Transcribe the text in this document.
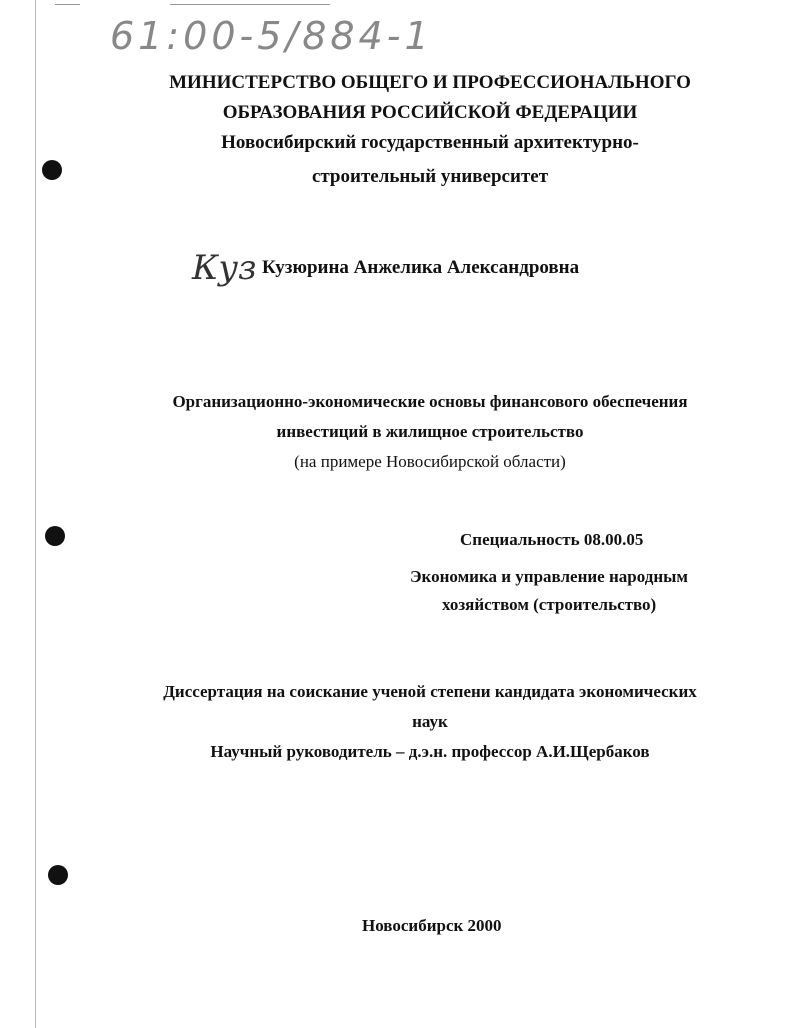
61:00-5/884-1
МИНИСТЕРСТВО ОБЩЕГО И ПРОФЕССИОНАЛЬНОГО
ОБРАЗОВАНИЯ РОССИЙСКОЙ ФЕДЕРАЦИИ
Новосибирский государственный архитектурно-
строительный университет
Куз Кузюрина Анжелика Александровна
Организационно-экономические основы финансового обеспечения
инвестиций в жилищное строительство
(на примере Новосибирской области)
Специальность 08.00.05
Экономика и управление народным
хозяйством (строительство)
Диссертация на соискание ученой степени кандидата экономических
наук
Научный руководитель – д.э.н. профессор А.И.Щербаков
Новосибирск 2000
